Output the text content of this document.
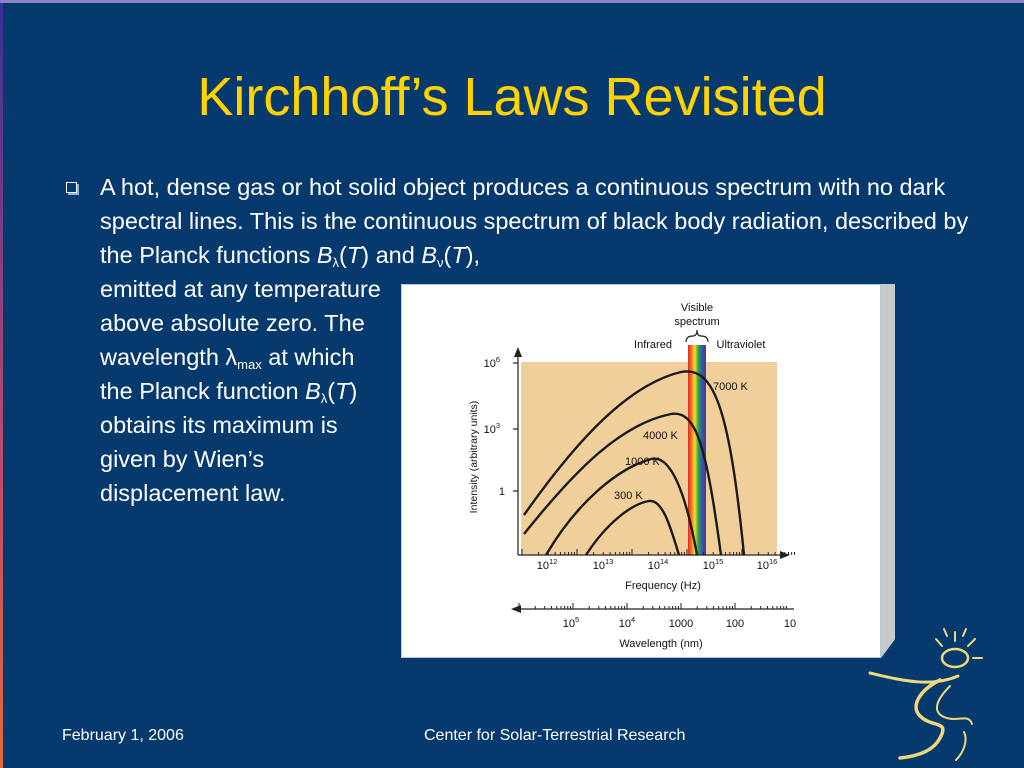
Kirchhoff’s Laws Revisited
A hot, dense gas or hot solid object produces a continuous spectrum with no dark spectral lines. This is the continuous spectrum of black body radiation, described by the Planck functions $B_\lambda(T)$ and $B_\nu(T)$,
emitted at any temperature above absolute zero. The wavelength $\lambda_{max}$ at which the Planck function $B_\lambda(T)$ obtains its maximum is given by Wien’s displacement law.
Visible
spectrum
Infrared	Ultraviolet
7000 K
4000 K
1000 K
300 K
Frequency (Hz)
Wavelength (nm)
Intensity (arbitrary units)
$10^6$
$10^3$
1
$10^{12}$	$10^{13}$	$10^{14}$	$10^{15}$	$10^{16}$
$10^5$	$10^4$	1000	100	10
February 1, 2006	Center for Solar-Terrestrial Research
